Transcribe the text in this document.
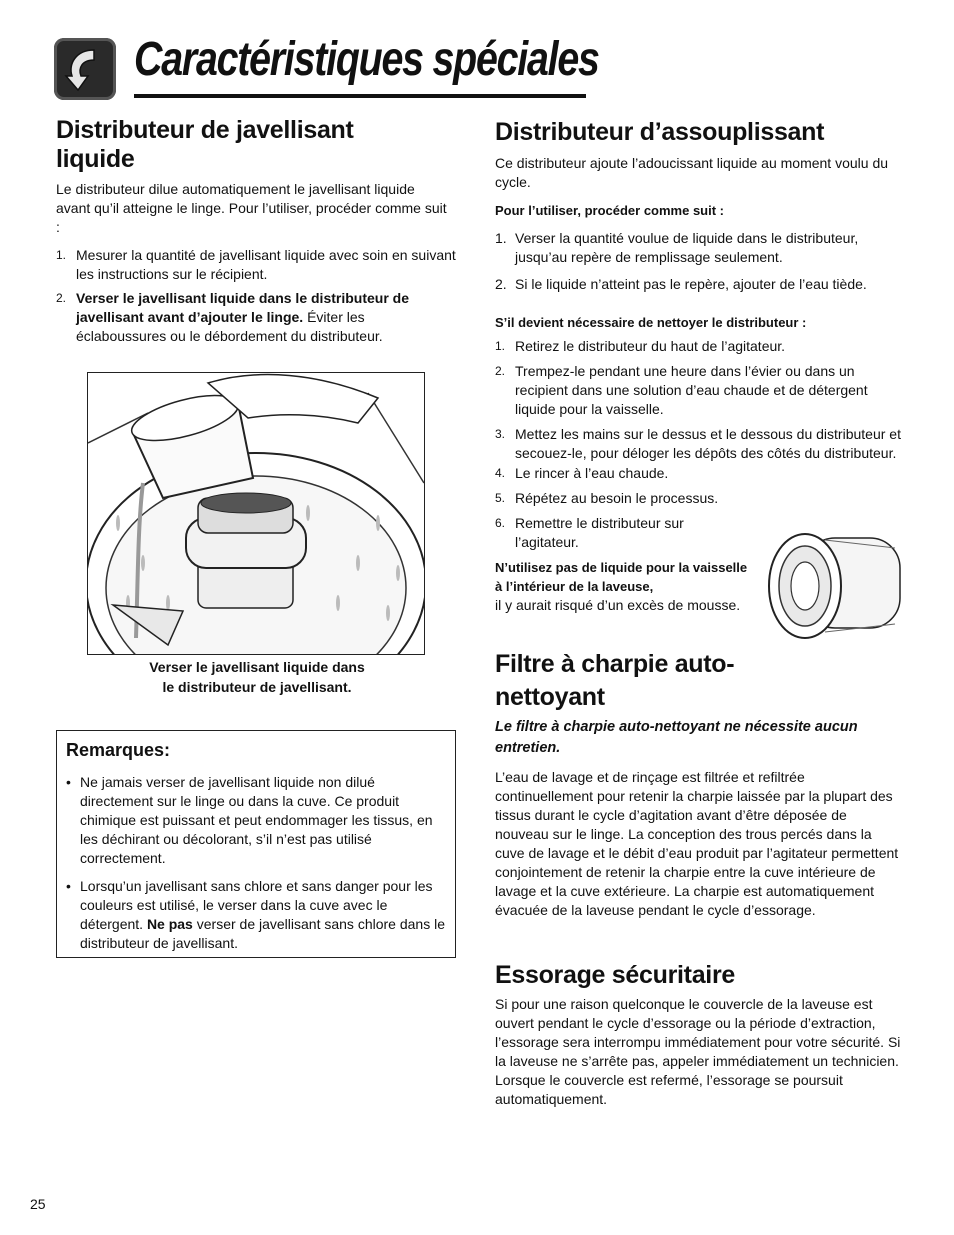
Caractéristiques spéciales
Distributeur de javellisant liquide

Le distributeur dilue automatiquement le javellisant liquide avant qu’il atteigne le linge. Pour l’utiliser, procéder comme suit :

1. Mesurer la quantité de javellisant liquide avec soin en suivant les instructions sur le récipient.
2. Verser le javellisant liquide dans le distributeur de javellisant avant d’ajouter le linge. Éviter les éclaboussures ou le débordement du distributeur.
Verser le javellisant liquide dans
le distributeur de javellisant.
Remarques:
• Ne jamais verser de javellisant liquide non dilué directement sur le linge ou dans la cuve. Ce produit chimique est puissant et peut endommager les tissus, en les déchirant ou décolorant, s’il n’est pas utilisé correctement.
• Lorsqu’un javellisant sans chlore et sans danger pour les couleurs est utilisé, le verser dans la cuve avec le détergent. Ne pas verser de javellisant sans chlore dans le distributeur de javellisant.
Distributeur d’assouplissant

Ce distributeur ajoute l’adoucissant liquide au moment voulu du cycle.

Pour l’utiliser, procéder comme suit :

1. Verser la quantité voulue de liquide dans le distributeur, jusqu’au repère de remplissage seulement.
2. Si le liquide n’atteint pas le repère, ajouter de l’eau tiède.

S’il devient nécessaire de nettoyer le distributeur :

1. Retirez le distributeur du haut de l’agitateur.
2. Trempez-le pendant une heure dans l’évier ou dans un recipient dans une solution d’eau chaude et de détergent liquide pour la vaisselle.
3. Mettez les mains sur le dessus et le dessous du distributeur et secouez-le, pour déloger les dépôts des côtés du distributeur.
4. Le rincer à l’eau chaude.
5. Répétez au besoin le processus.
6. Remettre le distributeur sur l’agitateur.

N’utilisez pas de liquide pour la vaisselle à l’intérieur de la laveuse,
il y aurait risqué d’un excès de mousse.

Filtre à charpie auto-
nettoyant

Le filtre à charpie auto-nettoyant ne nécessite aucun entretien.

L’eau de lavage et de rinçage est filtrée et refiltrée continuellement pour retenir la charpie laissée par la plupart des tissus durant le cycle d’agitation avant d’être déposée de nouveau sur le linge. La conception des trous percés dans la cuve de lavage et le débit d’eau produit par l’agitateur permettent conjointement de retenir la charpie entre la cuve intérieure de lavage et la cuve extérieure. La charpie est automatiquement évacuée de la laveuse pendant le cycle d’essorage.

Essorage sécuritaire

Si pour une raison quelconque le couvercle de la laveuse est ouvert pendant le cycle d’essorage ou la période d’extraction, l’essorage sera interrompu immédiatement pour votre sécurité. Si la laveuse ne s’arrête pas, appeler immédiatement un technicien. Lorsque le couvercle est refermé, l’essorage se poursuit automatiquement.

25
